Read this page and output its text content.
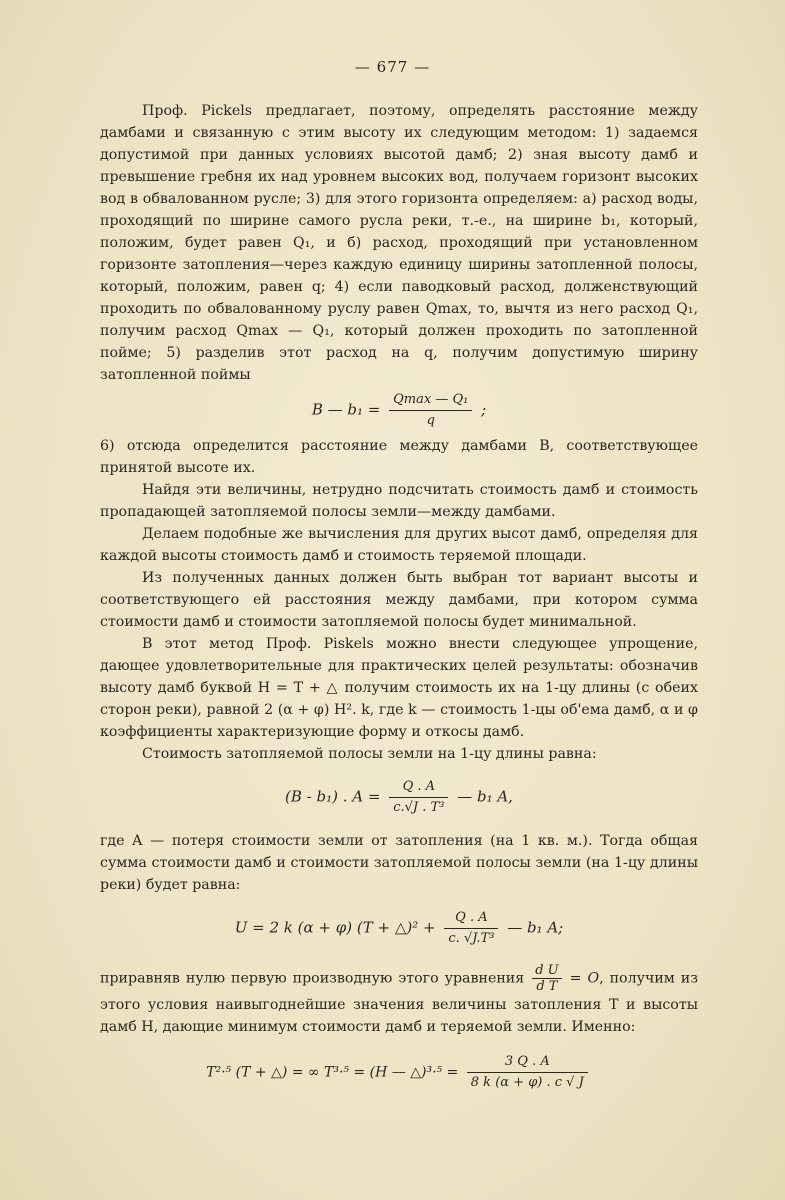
— 677 —

Проф. Pickels предлагает, поэтому, определять расстояние между дамбами и связанную с этим высоту их следующим методом: 1) задаемся допустимой при данных условиях высотой дамб; 2) зная высоту дамб и превышение гребня их над уровнем высоких вод, получаем горизонт высоких вод в обвалованном русле; 3) для этого горизонта определяем: а) расход воды, проходящий по ширине самого русла реки, т.-е., на ширине b₁, который, положим, будет равен Q₁, и б) расход, проходящий при установленном горизонте затопления—через каждую единицу ширины затопленной полосы, который, положим, равен q; 4) если паводковый расход, долженствующий проходить по обвалованному руслу равен Qmax, то, вычтя из него расход Q₁, получим расход Qmax — Q₁, который должен проходить по затопленной пойме; 5) разделив этот расход на q, получим допустимую ширину затопленной поймы

B — $b_1 = \frac{\text{Qmax — Q₁}}{q}$ ;

6) отсюда определится расстояние между дамбами B, соответствующее принятой высоте их.

Найдя эти величины, нетрудно подсчитать стоимость дамб и стоимость пропадающей затопляемой полосы земли—между дамбами.

Делаем подобные же вычисления для других высот дамб, определяя для каждой высоты стоимость дамб и стоимость теряемой площади.

Из полученных данных должен быть выбран тот вариант высоты и соответствующего ей расстояния между дамбами, при котором сумма стоимости дамб и стоимости затопляемой полосы будет минимальной.

В этот метод Проф. Piskels можно внести следующее упрощение, дающее удовлетворительные для практических целей результаты: обозначив высоту дамб буквой H = T + △ получим стоимость их на 1-цу длины (с обеих сторон реки), равной 2 (α + φ) H². k, где k — стоимость 1-цы об'ема дамб, α и φ коэффициенты характеризующие форму и откосы дамб.

Стоимость затопляемой полосы земли на 1-цу длины равна:

(B - b₁) . $A = \frac{Q . A}{\text{c.√J . T³}}$ — b₁ A,

где A — потеря стоимости земли от затопления (на 1 кв. м.). Тогда общая сумма стоимости дамб и стоимости затопляемой полосы земли (на 1-цу длины реки) будет равна:

U = 2 k (α + φ) (T + △)² + $\frac{Q . A}{\text{c. √J.T³}}$ — b₁ A;

приравняв нулю первую производную этого уравнения $\frac{\text{d U}}{\text{d T}} = O$, получим из этого условия наивыгоднейшие значения величины затопления T и высоты дамб H, дающие минимум стоимости дамб и теряемой земли. Именно:

T²·⁵ (T + △) = ∞ T³·⁵ = (H — △)³·⁵ = $\frac{3 Q . A}{8 k (\alpha + \varphi) . c √ J}$
